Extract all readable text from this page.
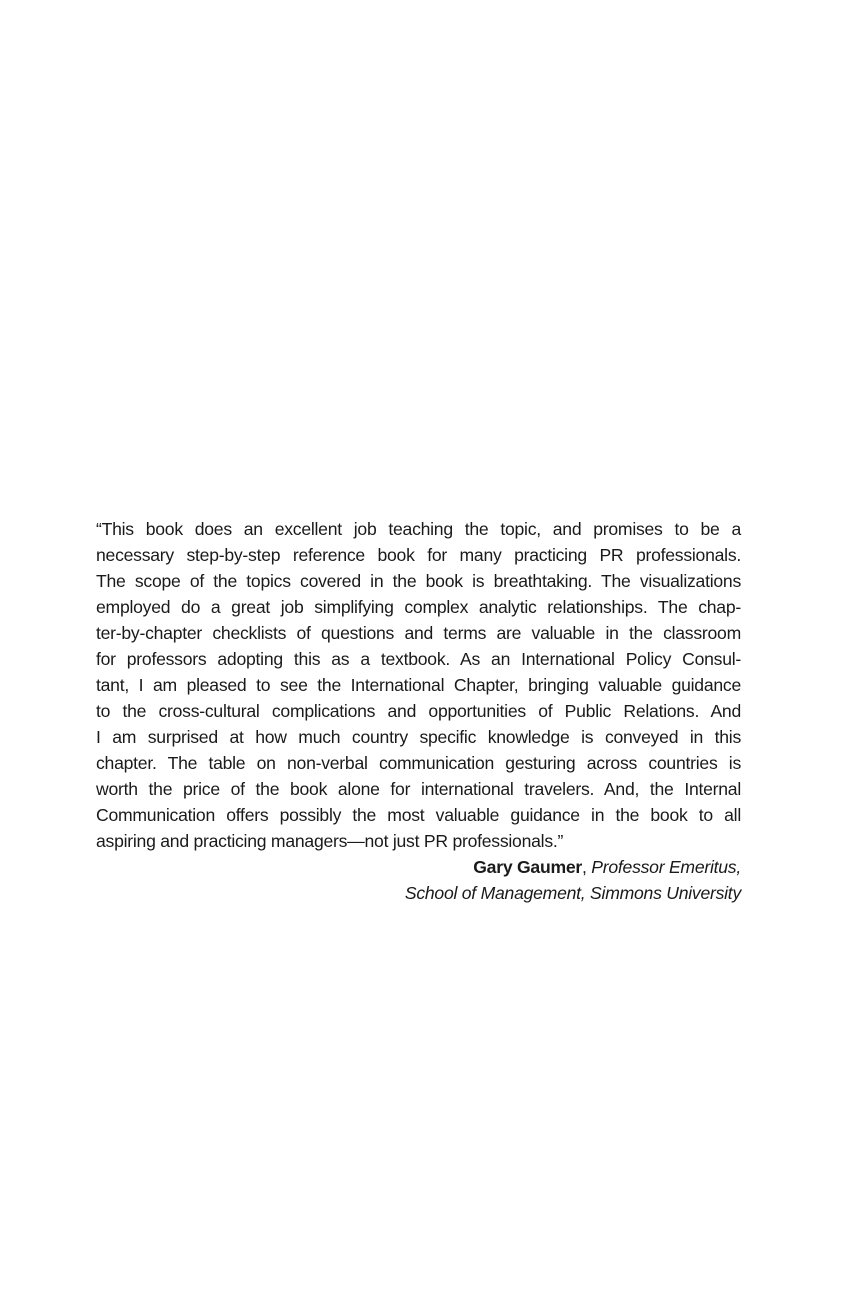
“This book does an excellent job teaching the topic, and promises to be a
necessary step-by-step reference book for many practicing PR professionals.
The scope of the topics covered in the book is breathtaking. The visualizations
employed do a great job simplifying complex analytic relationships. The chap-
ter-by-chapter checklists of questions and terms are valuable in the classroom
for professors adopting this as a textbook. As an International Policy Consul-
tant, I am pleased to see the International Chapter, bringing valuable guidance
to the cross-cultural complications and opportunities of Public Relations. And
I am surprised at how much country specific knowledge is conveyed in this
chapter. The table on non-verbal communication gesturing across countries is
worth the price of the book alone for international travelers. And, the Internal
Communication offers possibly the most valuable guidance in the book to all
aspiring and practicing managers—not just PR professionals.”
Gary Gaumer, Professor Emeritus,
School of Management, Simmons University
